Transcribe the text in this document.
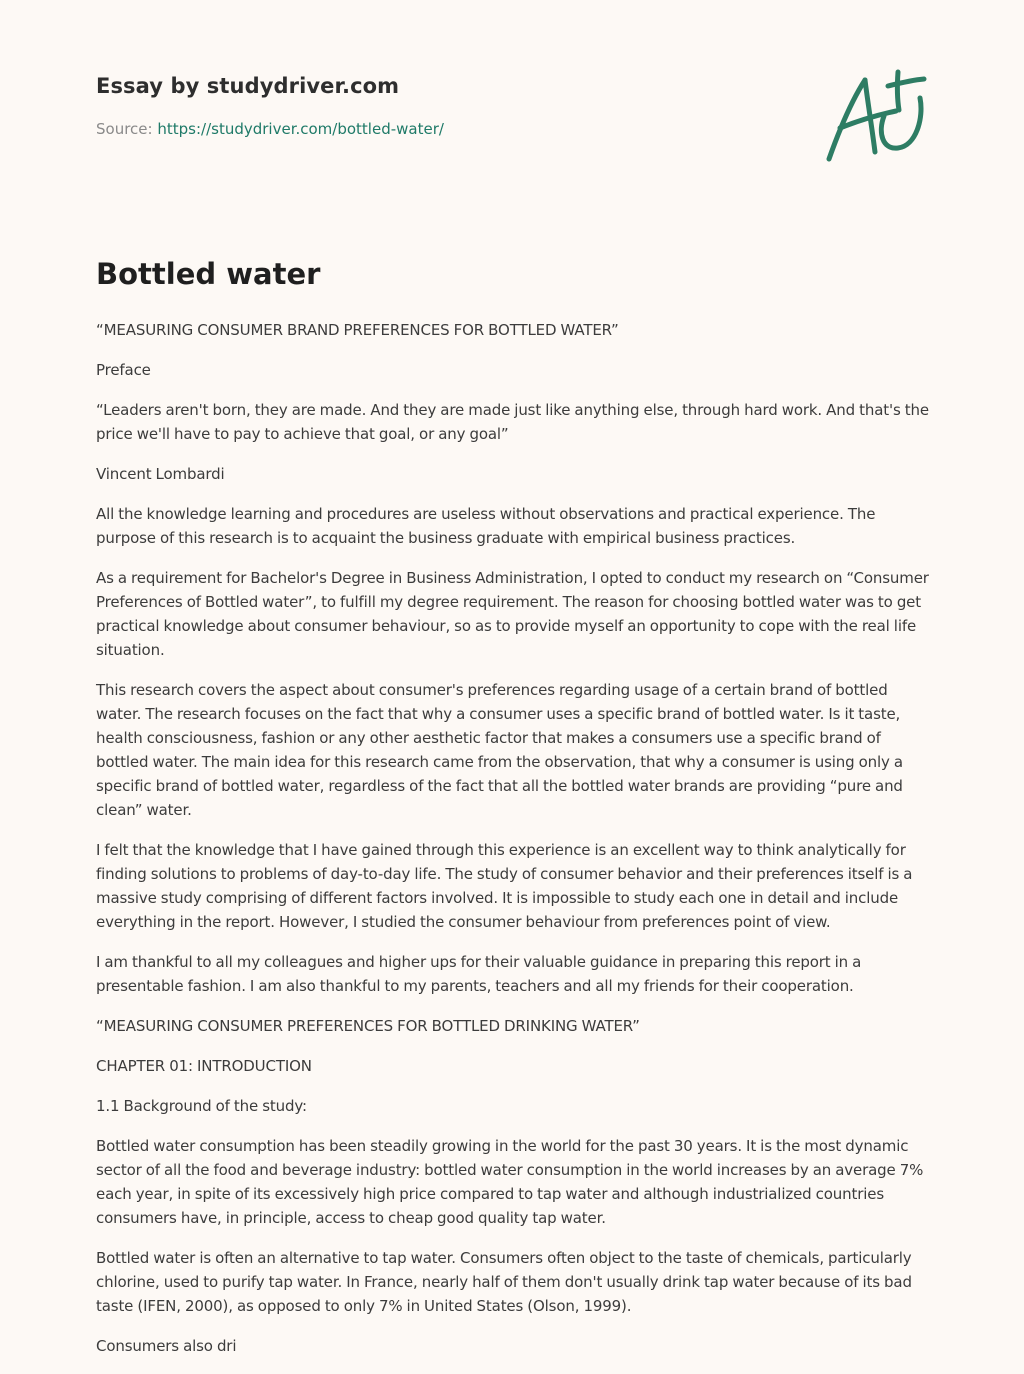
Essay by studydriver.com
Source: https://studydriver.com/bottled-water/
Bottled water

“MEASURING CONSUMER BRAND PREFERENCES FOR BOTTLED WATER”

Preface

“Leaders aren't born, they are made. And they are made just like anything else, through hard work. And that's the price we'll have to pay to achieve that goal, or any goal”

Vincent Lombardi

All the knowledge learning and procedures are useless without observations and practical experience. The purpose of this research is to acquaint the business graduate with empirical business practices.

As a requirement for Bachelor's Degree in Business Administration, I opted to conduct my research on “Consumer Preferences of Bottled water”, to fulfill my degree requirement. The reason for choosing bottled water was to get practical knowledge about consumer behaviour, so as to provide myself an opportunity to cope with the real life situation.

This research covers the aspect about consumer's preferences regarding usage of a certain brand of bottled water. The research focuses on the fact that why a consumer uses a specific brand of bottled water. Is it taste, health consciousness, fashion or any other aesthetic factor that makes a consumers use a specific brand of bottled water. The main idea for this research came from the observation, that why a consumer is using only a specific brand of bottled water, regardless of the fact that all the bottled water brands are providing “pure and clean” water.

I felt that the knowledge that I have gained through this experience is an excellent way to think analytically for finding solutions to problems of day-to-day life. The study of consumer behavior and their preferences itself is a massive study comprising of different factors involved. It is impossible to study each one in detail and include everything in the report. However, I studied the consumer behaviour from preferences point of view.

I am thankful to all my colleagues and higher ups for their valuable guidance in preparing this report in a presentable fashion. I am also thankful to my parents, teachers and all my friends for their cooperation.

“MEASURING CONSUMER PREFERENCES FOR BOTTLED DRINKING WATER”

CHAPTER 01: INTRODUCTION

1.1 Background of the study:

Bottled water consumption has been steadily growing in the world for the past 30 years. It is the most dynamic sector of all the food and beverage industry: bottled water consumption in the world increases by an average 7% each year, in spite of its excessively high price compared to tap water and although industrialized countries consumers have, in principle, access to cheap good quality tap water.

Bottled water is often an alternative to tap water. Consumers often object to the taste of chemicals, particularly chlorine, used to purify tap water. In France, nearly half of them don't usually drink tap water because of its bad taste (IFEN, 2000), as opposed to only 7% in United States (Olson, 1999).

Consumers also dri
